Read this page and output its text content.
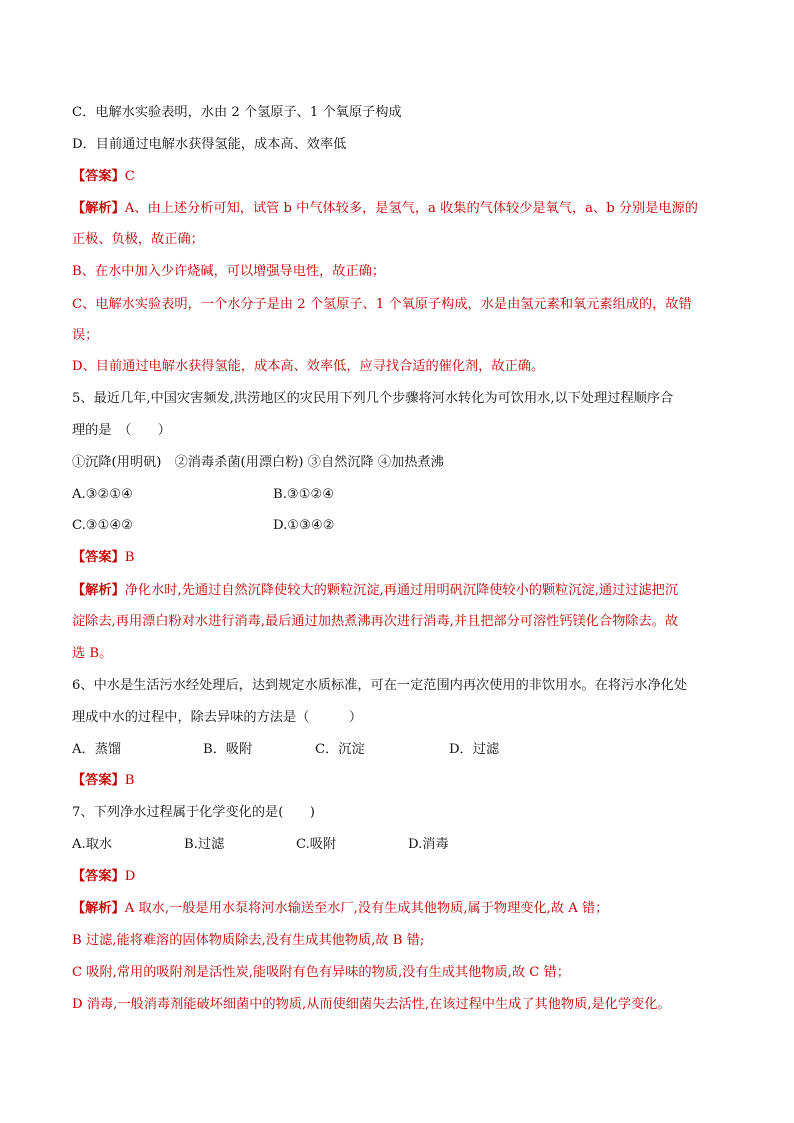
C．电解水实验表明，水由 2 个氢原子、1 个氧原子构成
D．目前通过电解水获得氢能，成本高、效率低
【答案】C
【解析】A、由上述分析可知，试管 b 中气体较多，是氢气，a 收集的气体较少是氧气，a、b 分别是电源的
正极、负极，故正确；
B、在水中加入少许烧碱，可以增强导电性，故正确；
C、电解水实验表明，一个水分子是由 2 个氢原子、1 个氧原子构成，水是由氢元素和氧元素组成的，故错
误；
D、目前通过电解水获得氢能，成本高、效率低，应寻找合适的催化剂，故正确。
5、最近几年,中国灾害频发,洪涝地区的灾民用下列几个步骤将河水转化为可饮用水,以下处理过程顺序合
理的是　（　　）
①沉降(用明矾)　②消毒杀菌(用漂白粉) ③自然沉降 ④加热煮沸
A.③②①④	B.③①②④
C.③①④②	D.①③④②
【答案】B
【解析】净化水时,先通过自然沉降使较大的颗粒沉淀,再通过用明矾沉降使较小的颗粒沉淀,通过过滤把沉
淀除去,再用漂白粉对水进行消毒,最后通过加热煮沸再次进行消毒,并且把部分可溶性钙镁化合物除去。故
选 B。
6、中水是生活污水经处理后，达到规定水质标准，可在一定范围内再次使用的非饮用水。在将污水净化处
理成中水的过程中，除去异味的方法是（　　　）
A．蒸馏	B．吸附	C．沉淀	D．过滤
【答案】B
7、下列净水过程属于化学变化的是(　　)
A.取水	B.过滤	C.吸附	D.消毒
【答案】D
【解析】A 取水,一般是用水泵将河水输送至水厂,没有生成其他物质,属于物理变化,故 A 错；
B 过滤,能将难溶的固体物质除去,没有生成其他物质,故 B 错;
C 吸附,常用的吸附剂是活性炭,能吸附有色有异味的物质,没有生成其他物质,故 C 错；
D 消毒,一般消毒剂能破坏细菌中的物质,从而使细菌失去活性,在该过程中生成了其他物质,是化学变化。
